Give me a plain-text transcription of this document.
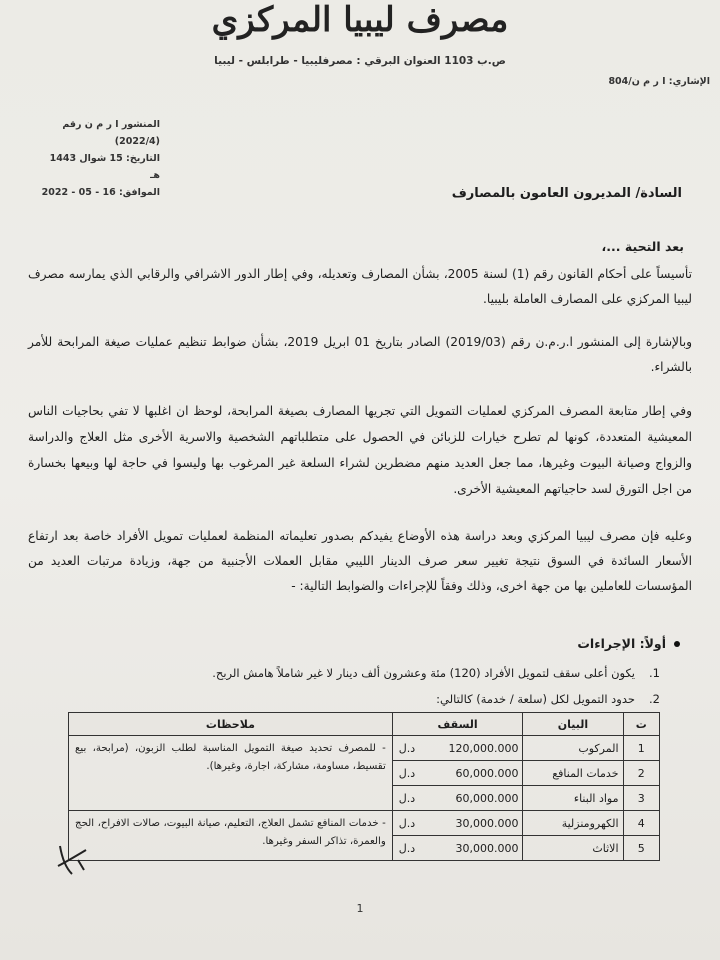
مصرف ليبيا المركزي
ص.ب 1103 العنوان البرقي : مصرفليبيا - طرابلس - ليبيا
الإشاري: ا ر م ن/804
المنشور ا ر م ن رقم (2022/4)
التاريخ: 15 شوال 1443 هـ
الموافق: 16 - 05 - 2022	السادة/ المديرون العامون بالمصارف
بعد التحية ...،
تأسيساً على أحكام القانون رقم (1) لسنة 2005، بشأن المصارف وتعديله، وفي إطار الدور الاشرافي والرقابي الذي يمارسه مصرف ليبيا المركزي على المصارف العاملة بليبيا.
وبالإشارة إلى المنشور ا.ر.م.ن رقم (2019/03) الصادر بتاريخ 01 ابريل 2019، بشأن ضوابط تنظيم عمليات صيغة المرابحة للأمر بالشراء.
وفي إطار متابعة المصرف المركزي لعمليات التمويل التي تجريها المصارف بصيغة المرابحة، لوحظ ان اغلبها لا تفي بحاجيات الناس المعيشية المتعددة، كونها لم تطرح خيارات للزبائن في الحصول على متطلباتهم الشخصية والاسرية الأخرى مثل العلاج والدراسة والزواج وصيانة البيوت وغيرها، مما جعل العديد منهم مضطرين لشراء السلعة غير المرغوب بها وليسوا في حاجة لها وبيعها بخسارة من اجل التورق لسد حاجياتهم المعيشية الأخرى.
وعليه فإن مصرف ليبيا المركزي وبعد دراسة هذه الأوضاع يفيدكم بصدور تعليماته المنظمة لعمليات تمويل الأفراد خاصة بعد ارتفاع الأسعار السائدة في السوق نتيجة تغيير سعر صرف الدينار الليبي مقابل العملات الأجنبية من جهة، وزيادة مرتبات العديد من المؤسسات للعاملين بها من جهة اخرى، وذلك وفقاً للإجراءات والضوابط التالية: -
أولاً: الإجراءات
1.
يكون أعلى سقف لتمويل الأفراد (120) مئة وعشرون ألف دينار لا غير شاملاً هامش الربح.
2.
حدود التمويل لكل (سلعة / خدمة) كالتالي:
ت	البيان	السقف	ملاحظات
1	المركوب	د.ل 120,000.000	- للمصرف تحديد صيغة التمويل المناسبة لطلب الزبون، (مرابحة، بيع تقسيط، مساومة، مشاركة، اجارة، وغيرها).
2	خدمات المنافع	د.ل 60,000.000	

3	مواد البناء	د.ل 60,000.000	

4	الكهرومنزلية	د.ل 30,000.000	- خدمات المنافع تشمل العلاج، التعليم، صيانة البيوت، صالات الافراح، الحج والعمرة، تذاكر السفر وغيرها.
5	الاثاث	د.ل 30,000.000	
1
